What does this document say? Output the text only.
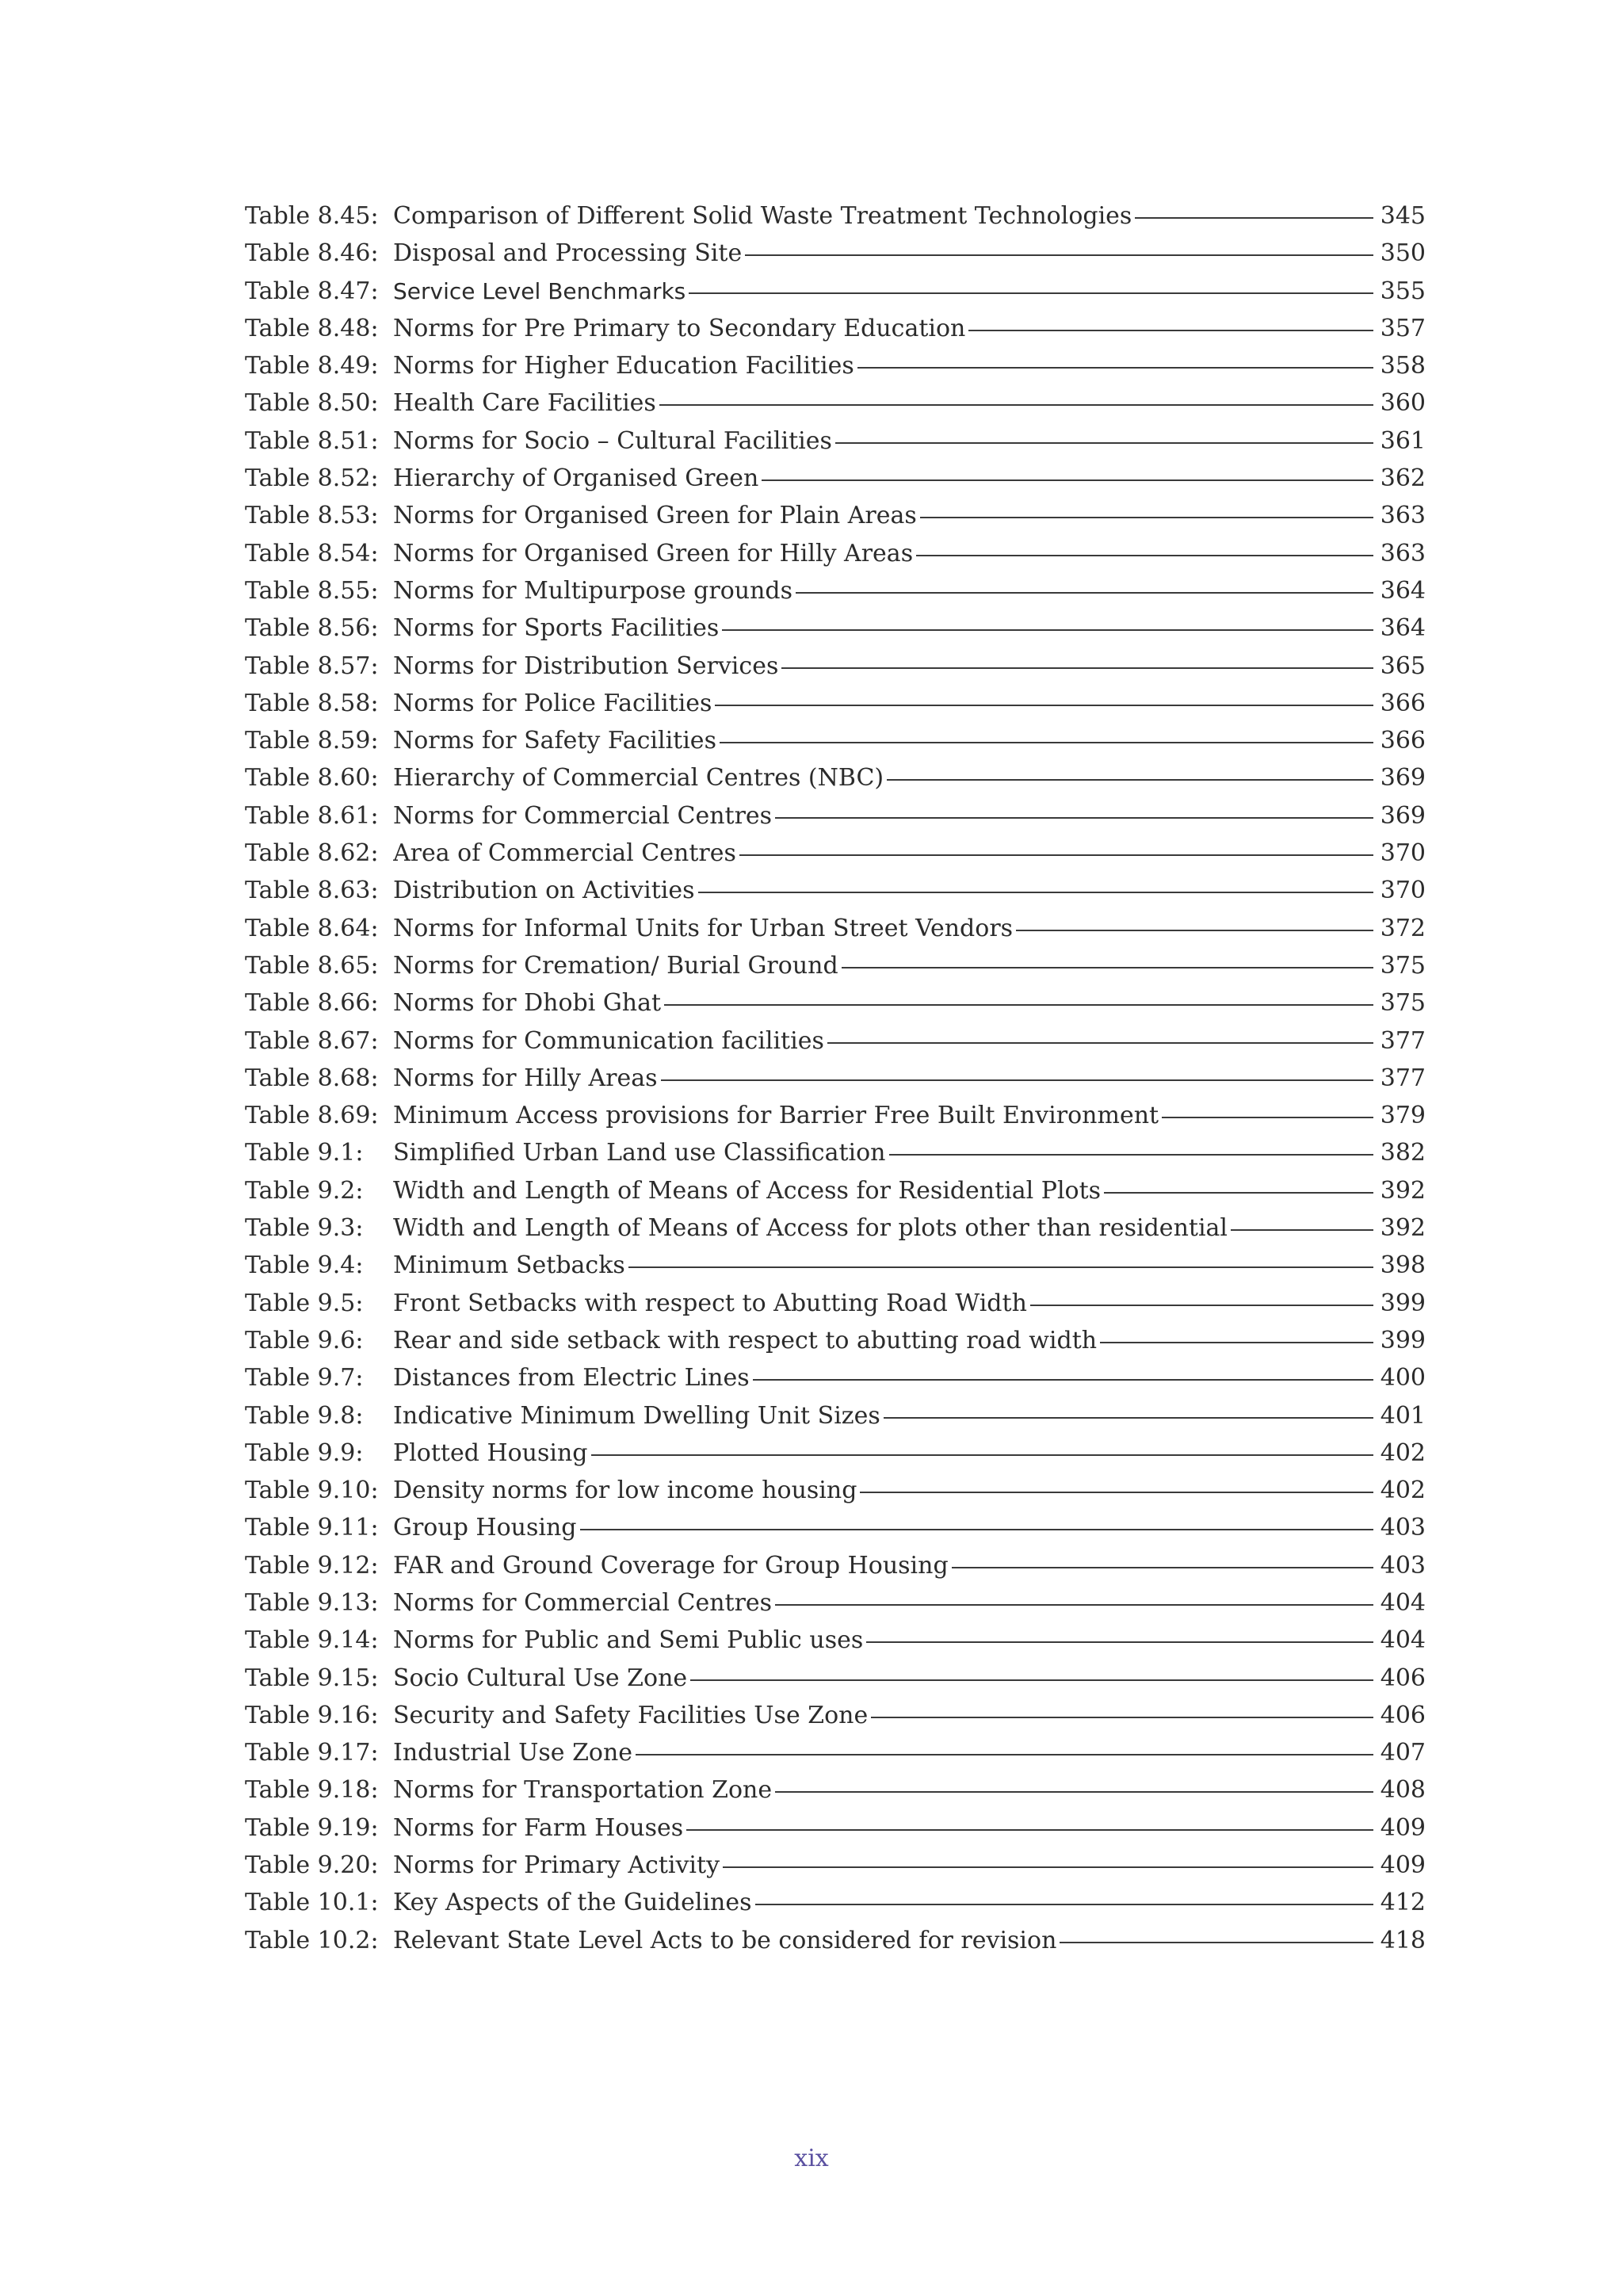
Table 8.45: Comparison of Different Solid Waste Treatment Technologies	345
Table 8.46: Disposal and Processing Site	350
Table 8.47: Service Level Benchmarks	355
Table 8.48: Norms for Pre Primary to Secondary Education	357
Table 8.49: Norms for Higher Education Facilities	358
Table 8.50: Health Care Facilities	360
Table 8.51: Norms for Socio – Cultural Facilities	361
Table 8.52: Hierarchy of Organised Green	362
Table 8.53: Norms for Organised Green for Plain Areas	363
Table 8.54: Norms for Organised Green for Hilly Areas	363
Table 8.55: Norms for Multipurpose grounds	364
Table 8.56: Norms for Sports Facilities	364
Table 8.57: Norms for Distribution Services	365
Table 8.58: Norms for Police Facilities	366
Table 8.59: Norms for Safety Facilities	366
Table 8.60: Hierarchy of Commercial Centres (NBC)	369
Table 8.61: Norms for Commercial Centres	369
Table 8.62: Area of Commercial Centres	370
Table 8.63: Distribution on Activities	370
Table 8.64: Norms for Informal Units for Urban Street Vendors	372
Table 8.65: Norms for Cremation/ Burial Ground	375
Table 8.66: Norms for Dhobi Ghat	375
Table 8.67: Norms for Communication facilities	377
Table 8.68: Norms for Hilly Areas	377
Table 8.69: Minimum Access provisions for Barrier Free Built Environment	379
Table 9.1:	Simplified Urban Land use Classification	382
Table 9.2:	Width and Length of Means of Access for Residential Plots	392
Table 9.3:	Width and Length of Means of Access for plots other than residential	392
Table 9.4:	Minimum Setbacks	398
Table 9.5:	Front Setbacks with respect to Abutting Road Width	399
Table 9.6:	Rear and side setback with respect to abutting road width	399
Table 9.7:	Distances from Electric Lines	400
Table 9.8:	Indicative Minimum Dwelling Unit Sizes	401
Table 9.9:	Plotted Housing	402
Table 9.10: Density norms for low income housing	402
Table 9.11: Group Housing	403
Table 9.12: FAR and Ground Coverage for Group Housing	403
Table 9.13: Norms for Commercial Centres	404
Table 9.14: Norms for Public and Semi Public uses	404
Table 9.15: Socio Cultural Use Zone	406
Table 9.16: Security and Safety Facilities Use Zone	406
Table 9.17: Industrial Use Zone	407
Table 9.18: Norms for Transportation Zone	408
Table 9.19: Norms for Farm Houses	409
Table 9.20: Norms for Primary Activity	409
Table 10.1: Key Aspects of the Guidelines	412
Table 10.2: Relevant State Level Acts to be considered for revision	418
xix
